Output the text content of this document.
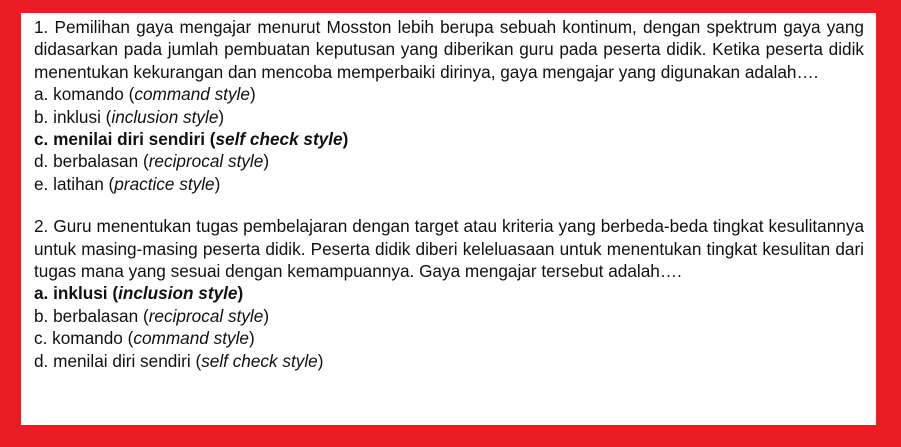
1. Pemilihan gaya mengajar menurut Mosston lebih berupa sebuah kontinum, dengan spektrum gaya yang didasarkan pada jumlah pembuatan keputusan yang diberikan guru pada peserta didik. Ketika peserta didik menentukan kekurangan dan mencoba memperbaiki dirinya, gaya mengajar yang digunakan adalah….

a. komando (command style)
b. inklusi (inclusion style)
c. menilai diri sendiri (self check style)
d. berbalasan (reciprocal style)
e. latihan (practice style)

2. Guru menentukan tugas pembelajaran dengan target atau kriteria yang berbeda-beda tingkat kesulitannya untuk masing-masing peserta didik. Peserta didik diberi keleluasaan untuk menentukan tingkat kesulitan dari tugas mana yang sesuai dengan kemampuannya. Gaya mengajar tersebut adalah….

a. inklusi (inclusion style)
b. berbalasan (reciprocal style)
c. komando (command style)
d. menilai diri sendiri (self check style)
